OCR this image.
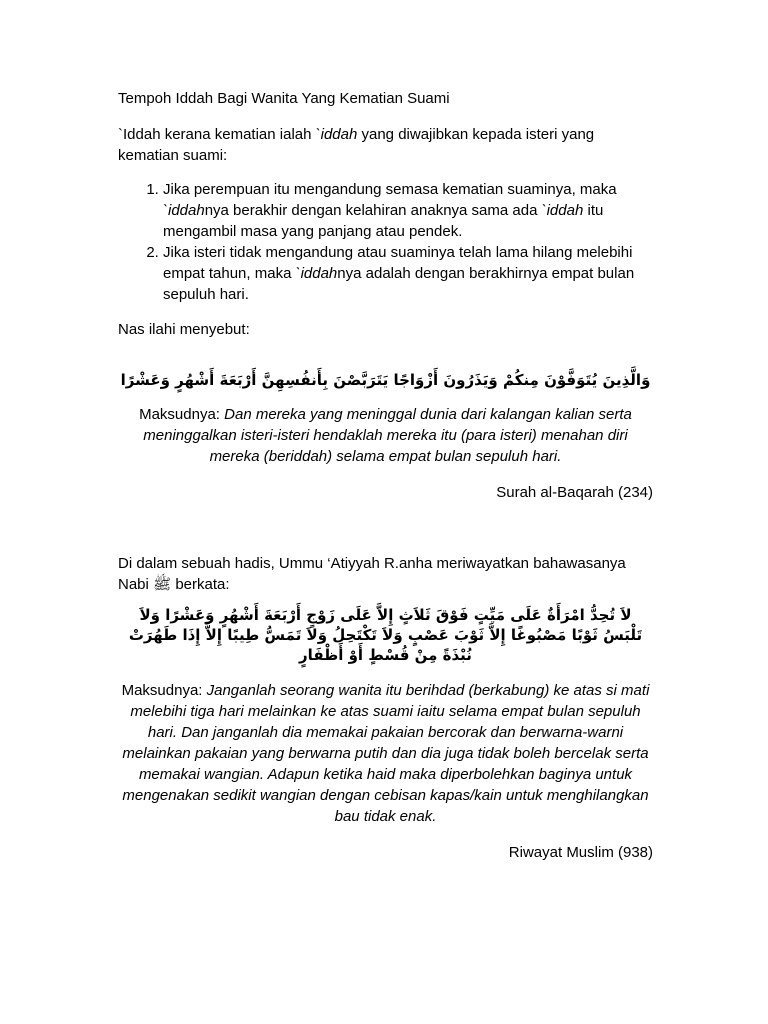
Tempoh Iddah Bagi Wanita Yang Kematian Suami

`Iddah kerana kematian ialah `iddah yang diwajibkan kepada isteri yang kematian suami:

1. Jika perempuan itu mengandung semasa kematian suaminya, maka `iddahnya berakhir dengan kelahiran anaknya sama ada `iddah itu mengambil masa yang panjang atau pendek.
2. Jika isteri tidak mengandung atau suaminya telah lama hilang melebihi empat tahun, maka `iddahnya adalah dengan berakhirnya empat bulan sepuluh hari.

Nas ilahi menyebut:

وَالَّذِينَ يُتَوَفَّوْنَ مِنكُمْ وَيَذَرُونَ أَزْوَاجًا يَتَرَبَّصْنَ بِأَنفُسِهِنَّ أَرْبَعَةَ أَشْهُرٍ وَعَشْرًا

Maksudnya: Dan mereka yang meninggal dunia dari kalangan kalian serta meninggalkan isteri-isteri hendaklah mereka itu (para isteri) menahan diri mereka (beriddah) selama empat bulan sepuluh hari.

Surah al-Baqarah (234)

Di dalam sebuah hadis, Ummu ‘Atiyyah R.anha meriwayatkan bahawasanya Nabi ﷺ berkata:

لاَ تُحِدُّ امْرَأَةٌ عَلَى مَيِّتٍ فَوْقَ ثَلاَثٍ إِلاَّ عَلَى زَوْجٍ أَرْبَعَةَ أَشْهُرٍ وَعَشْرًا وَلاَ تَلْبَسُ ثَوْبًا مَصْبُوغًا إِلاَّ ثَوْبَ عَصْبٍ وَلاَ تَكْتَحِلُ وَلاَ تَمَسُّ طِيبًا إِلاَّ إِذَا طَهُرَتْ نُبْذَةً مِنْ قُسْطٍ أَوْ أَظْفَارٍ

Maksudnya: Janganlah seorang wanita itu berihdad (berkabung) ke atas si mati melebihi tiga hari melainkan ke atas suami iaitu selama empat bulan sepuluh hari. Dan janganlah dia memakai pakaian bercorak dan berwarna-warni melainkan pakaian yang berwarna putih dan dia juga tidak boleh bercelak serta memakai wangian. Adapun ketika haid maka diperbolehkan baginya untuk mengenakan sedikit wangian dengan cebisan kapas/kain untuk menghilangkan bau tidak enak.

Riwayat Muslim (938)
